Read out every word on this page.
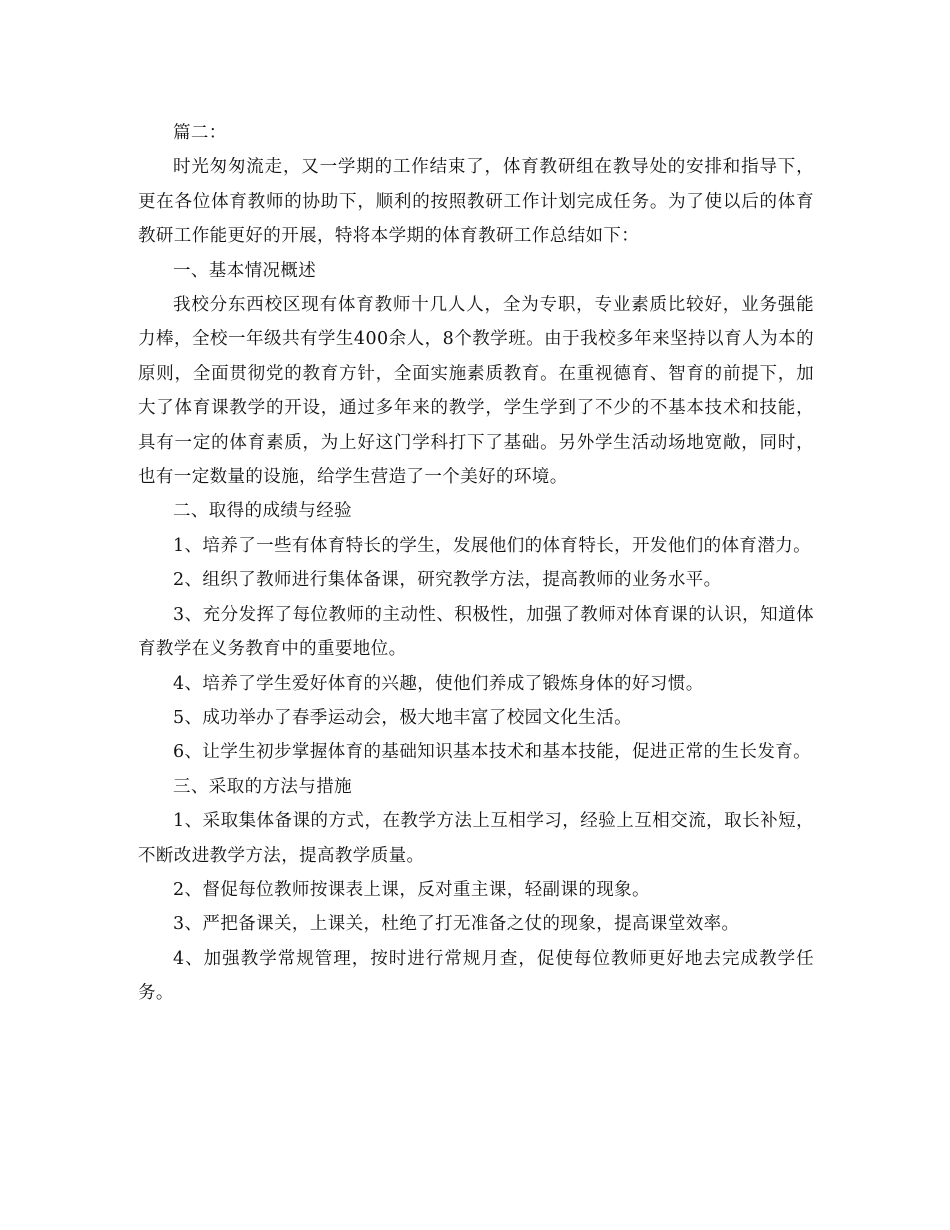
篇二：

时光匆匆流走，又一学期的工作结束了，体育教研组在教导处的安排和指导下，更在各位体育教师的协助下，顺利的按照教研工作计划完成任务。为了使以后的体育教研工作能更好的开展，特将本学期的体育教研工作总结如下：

一、基本情况概述

我校分东西校区现有体育教师十几人人，全为专职，专业素质比较好，业务强能力棒，全校一年级共有学生400余人，8个教学班。由于我校多年来坚持以育人为本的原则，全面贯彻党的教育方针，全面实施素质教育。在重视德育、智育的前提下，加大了体育课教学的开设，通过多年来的教学，学生学到了不少的不基本技术和技能，具有一定的体育素质，为上好这门学科打下了基础。另外学生活动场地宽敞，同时，也有一定数量的设施，给学生营造了一个美好的环境。

二、取得的成绩与经验

1、培养了一些有体育特长的学生，发展他们的体育特长，开发他们的体育潜力。

2、组织了教师进行集体备课，研究教学方法，提高教师的业务水平。

3、充分发挥了每位教师的主动性、积极性，加强了教师对体育课的认识，知道体育教学在义务教育中的重要地位。

4、培养了学生爱好体育的兴趣，使他们养成了锻炼身体的好习惯。

5、成功举办了春季运动会，极大地丰富了校园文化生活。

6、让学生初步掌握体育的基础知识基本技术和基本技能，促进正常的生长发育。

三、采取的方法与措施

1、采取集体备课的方式，在教学方法上互相学习，经验上互相交流，取长补短，不断改进教学方法，提高教学质量。

2、督促每位教师按课表上课，反对重主课，轻副课的现象。

3、严把备课关，上课关，杜绝了打无准备之仗的现象，提高课堂效率。

4、加强教学常规管理，按时进行常规月查，促使每位教师更好地去完成教学任务。
